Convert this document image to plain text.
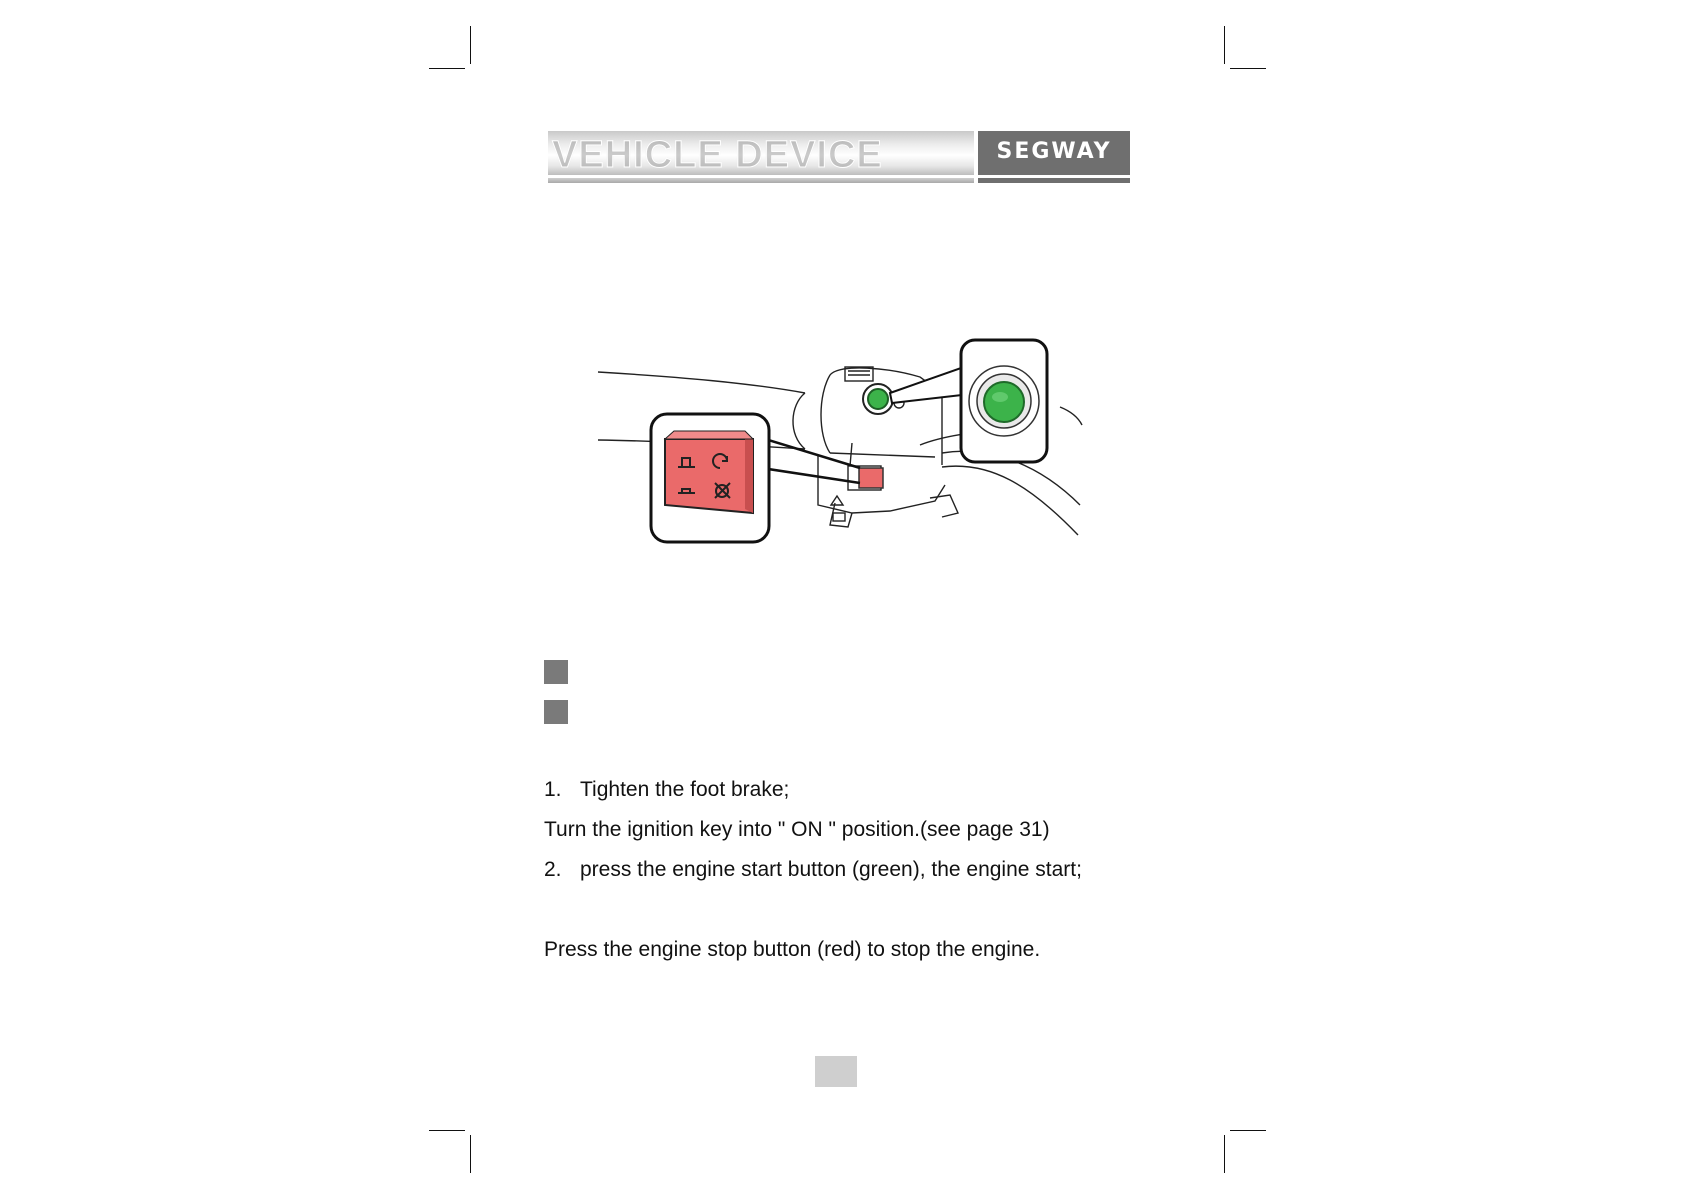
VEHICLE DEVICE	SEGWAY
1. Tighten the foot brake;
Turn the ignition key into " ON " position.(see page 31)
2. press the engine start button (green), the engine start;
Press the engine stop button (red) to stop the engine.
